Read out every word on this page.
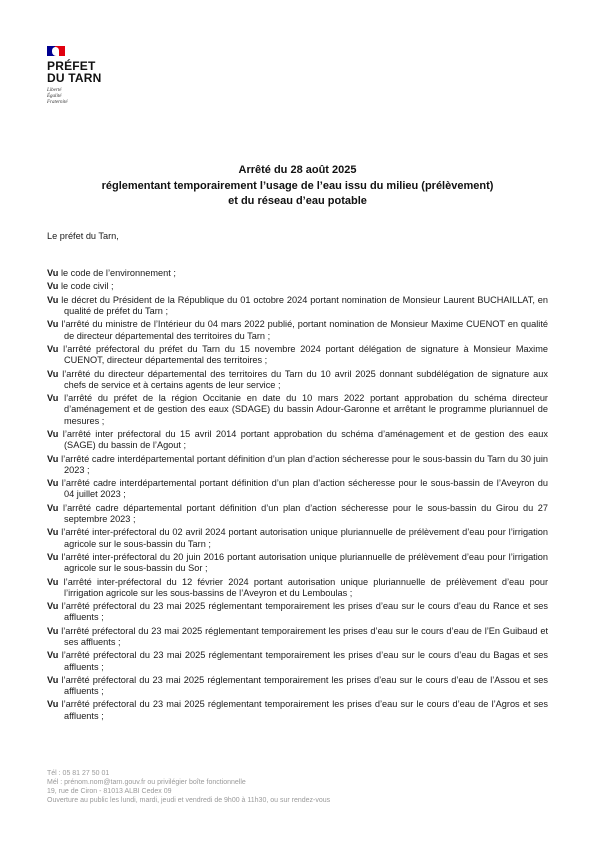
PRÉFET
DU TARN
Liberté
Égalité
Fraternité
Arrêté du 28 août 2025
réglementant temporairement l’usage de l’eau issu du milieu (prélèvement)
et du réseau d’eau potable
Le préfet du Tarn,
Vu le code de l’environnement ;
Vu le code civil ;
Vu le décret du Président de la République du 01 octobre 2024 portant nomination de Monsieur Laurent BUCHAILLAT, en qualité de préfet du Tarn ;
Vu l’arrêté du ministre de l’Intérieur du 04 mars 2022 publié, portant nomination de Monsieur Maxime CUENOT en qualité de directeur départemental des territoires du Tarn ;
Vu l’arrêté préfectoral du préfet du Tarn du 15 novembre 2024 portant délégation de signature à Monsieur Maxime CUENOT, directeur départemental des territoires ;
Vu l’arrêté du directeur départemental des territoires du Tarn du 10 avril 2025 donnant subdélégation de signature aux chefs de service et à certains agents de leur service ;
Vu l’arrêté du préfet de la région Occitanie en date du 10 mars 2022 portant approbation du schéma directeur d’aménagement et de gestion des eaux (SDAGE) du bassin Adour-Garonne et arrêtant le programme pluriannuel de mesures ;
Vu l’arrêté inter préfectoral du 15 avril 2014 portant approbation du schéma d’aménagement et de gestion des eaux (SAGE) du bassin de l’Agout ;
Vu l’arrêté cadre interdépartemental portant définition d’un plan d’action sécheresse pour le sous-bassin du Tarn du 30 juin 2023 ;
Vu l’arrêté cadre interdépartemental portant définition d’un plan d’action sécheresse pour le sous-bassin de l’Aveyron du 04 juillet 2023 ;
Vu l’arrêté cadre départemental portant définition d’un plan d’action sécheresse pour le sous-bassin du Girou du 27 septembre 2023 ;
Vu l’arrêté inter-préfectoral du 02 avril 2024 portant autorisation unique pluriannuelle de prélèvement d’eau pour l’irrigation agricole sur le sous-bassin du Tarn ;
Vu l’arrêté inter-préfectoral du 20 juin 2016 portant autorisation unique pluriannuelle de prélèvement d’eau pour l’irrigation agricole sur le sous-bassin du Sor ;
Vu l’arrêté inter-préfectoral du 12 février 2024 portant autorisation unique pluriannuelle de prélèvement d’eau pour l’irrigation agricole sur les sous-bassins de l’Aveyron et du Lemboulas ;
Vu l’arrêté préfectoral du 23 mai 2025 réglementant temporairement les prises d’eau sur le cours d’eau du Rance et ses affluents ;
Vu l’arrêté préfectoral du 23 mai 2025 réglementant temporairement les prises d’eau sur le cours d’eau de l’En Guibaud et ses affluents ;
Vu l’arrêté préfectoral du 23 mai 2025 réglementant temporairement les prises d’eau sur le cours d’eau du Bagas et ses affluents ;
Vu l’arrêté préfectoral du 23 mai 2025 réglementant temporairement les prises d’eau sur le cours d’eau de l’Assou et ses affluents ;
Vu l’arrêté préfectoral du 23 mai 2025 réglementant temporairement les prises d’eau sur le cours d’eau de l’Agros et ses affluents ;
Tél : 05 81 27 50 01
Mél : prénom.nom@tarn.gouv.fr ou privilégier boîte fonctionnelle
19, rue de Ciron - 81013 ALBI Cedex 09
Ouverture au public les lundi, mardi, jeudi et vendredi de 9h00 à 11h30, ou sur rendez-vous
